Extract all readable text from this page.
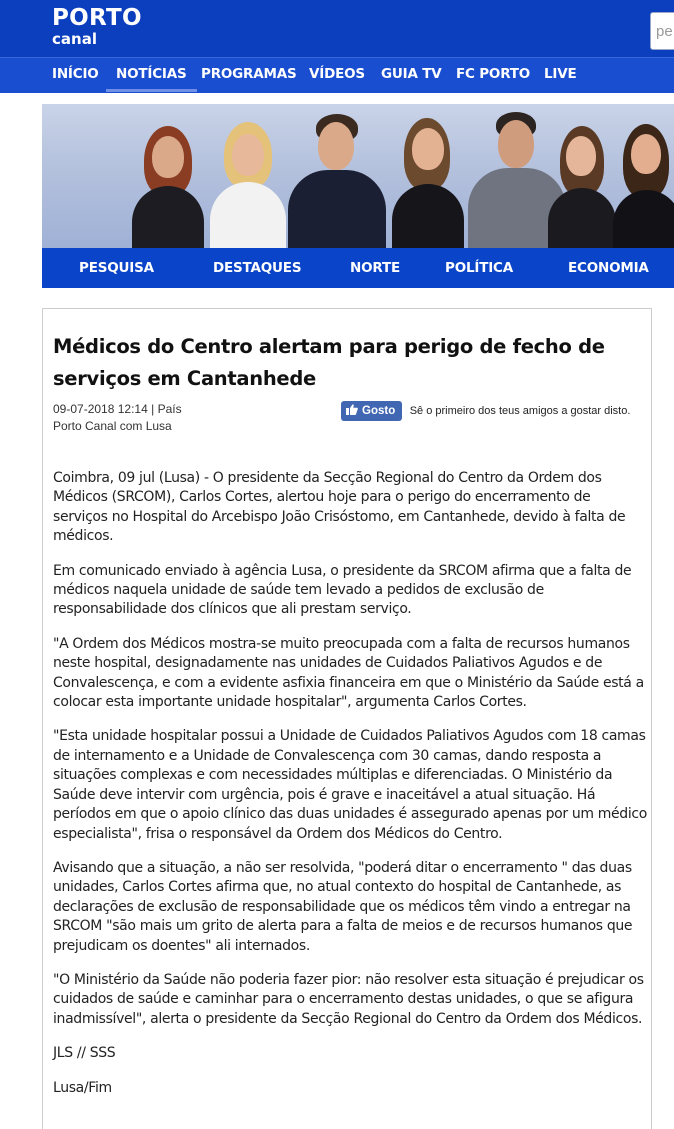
PORTO
canal	pe
INÍCIO	NOTÍCIAS	PROGRAMAS VÍDEOS GUIA TV FC PORTO LIVE
PESQUISA	DESTAQUES	NORTE	POLÍTICA	ECONOMIA
Médicos do Centro alertam para perigo de fecho de serviços em Cantanhede
09-07-2018 12:14 | País
Porto Canal com Lusa
Gosto Sê o primeiro dos teus amigos a gostar disto.

Coimbra, 09 jul (Lusa) - O presidente da Secção Regional do Centro da Ordem dos Médicos (SRCOM), Carlos Cortes, alertou hoje para o perigo do encerramento de serviços no Hospital do Arcebispo João Crisóstomo, em Cantanhede, devido à falta de médicos.

Em comunicado enviado à agência Lusa, o presidente da SRCOM afirma que a falta de médicos naquela unidade de saúde tem levado a pedidos de exclusão de responsabilidade dos clínicos que ali prestam serviço.

"A Ordem dos Médicos mostra-se muito preocupada com a falta de recursos humanos neste hospital, designadamente nas unidades de Cuidados Paliativos Agudos e de Convalescença, e com a evidente asfixia financeira em que o Ministério da Saúde está a colocar esta importante unidade hospitalar", argumenta Carlos Cortes.

"Esta unidade hospitalar possui a Unidade de Cuidados Paliativos Agudos com 18 camas de internamento e a Unidade de Convalescença com 30 camas, dando resposta a situações complexas e com necessidades múltiplas e diferenciadas. O Ministério da Saúde deve intervir com urgência, pois é grave e inaceitável a atual situação. Há períodos em que o apoio clínico das duas unidades é assegurado apenas por um médico especialista", frisa o responsável da Ordem dos Médicos do Centro.

Avisando que a situação, a não ser resolvida, "poderá ditar o encerramento " das duas unidades, Carlos Cortes afirma que, no atual contexto do hospital de Cantanhede, as declarações de exclusão de responsabilidade que os médicos têm vindo a entregar na SRCOM "são mais um grito de alerta para a falta de meios e de recursos humanos que prejudicam os doentes" ali internados.

"O Ministério da Saúde não poderia fazer pior: não resolver esta situação é prejudicar os cuidados de saúde e caminhar para o encerramento destas unidades, o que se afigura inadmissível", alerta o presidente da Secção Regional do Centro da Ordem dos Médicos.

JLS // SSS

Lusa/Fim
